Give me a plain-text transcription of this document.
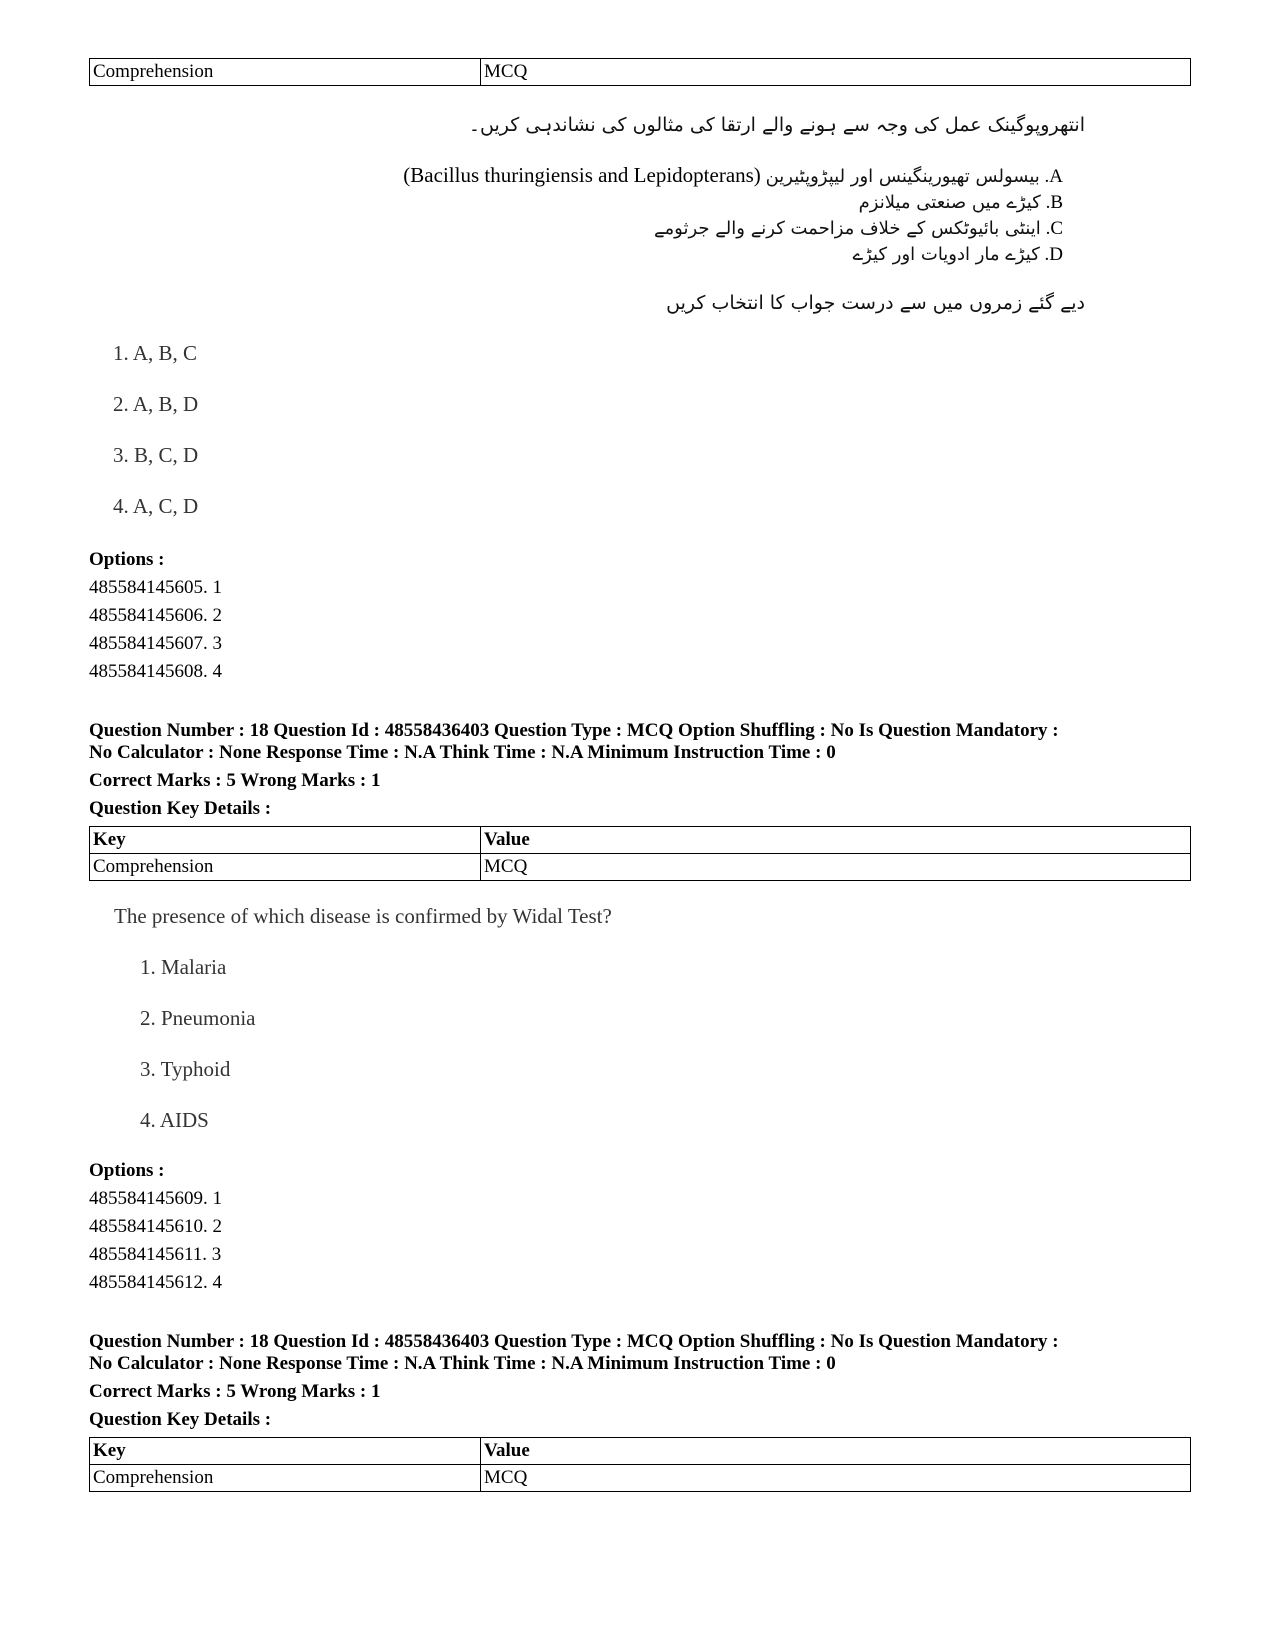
Comprehension	MCQ
انتھروپوگینک عمل کی وجہ سے ہونے والے ارتقا کی مثالوں کی نشاندہی کریں۔
A. بیسولس تھیورینگینس اور لیپڑوپٹیرین (Bacillus thuringiensis and Lepidopterans)
B. کیڑے میں صنعتی میلانزم
C. اینٹی بائیوٹکس کے خلاف مزاحمت کرنے والے جرثومے
D. کیڑے مار ادویات اور کیڑے
دیے گئے زمروں میں سے درست جواب کا انتخاب کریں
1. A, B, C
2. A, B, D
3. B, C, D
4. A, C, D
Options :
485584145605. 1
485584145606. 2
485584145607. 3
485584145608. 4
Question Number : 18 Question Id : 48558436403 Question Type : MCQ Option Shuffling : No Is Question Mandatory :
No Calculator : None Response Time : N.A Think Time : N.A Minimum Instruction Time : 0
Correct Marks : 5 Wrong Marks : 1
Question Key Details :
Key	Value
Comprehension	MCQ
The presence of which disease is confirmed by Widal Test?
1. Malaria
2. Pneumonia
3. Typhoid
4. AIDS
Options :
485584145609. 1
485584145610. 2
485584145611. 3
485584145612. 4
Question Number : 18 Question Id : 48558436403 Question Type : MCQ Option Shuffling : No Is Question Mandatory :
No Calculator : None Response Time : N.A Think Time : N.A Minimum Instruction Time : 0
Correct Marks : 5 Wrong Marks : 1
Question Key Details :
Key	Value
Comprehension	MCQ
